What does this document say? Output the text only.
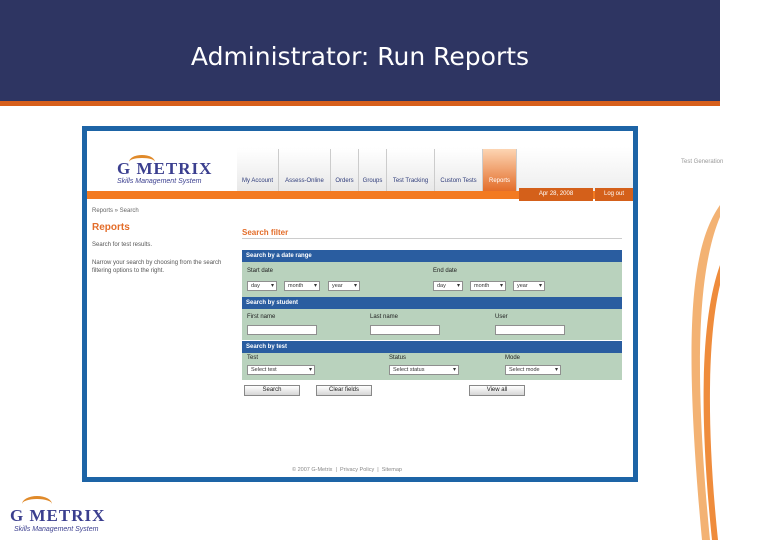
Administrator: Run Reports
G METRIX
Skills Management System
Test Generation
My Account	Assess-Online	Orders	Groups	Test Tracking	Custom Tests	Reports
Apr 28, 2008	Log out
Reports » Search
Reports
Search for test results.
Narrow your search by choosing from the search filtering options to the right.
Search filter
Search by a date range
Start date
day ▾	month ▾	year ▾
End date
day ▾	month ▾	year ▾
Search by student
First name	Last name	User
Search by test
Test
Select test ▾
Status
Select status ▾
Mode
Select mode ▾
Search	Clear fields	View all
© 2007 G-Metrix  |  Privacy Policy  |  Sitemap
G METRIX
Skills Management System
